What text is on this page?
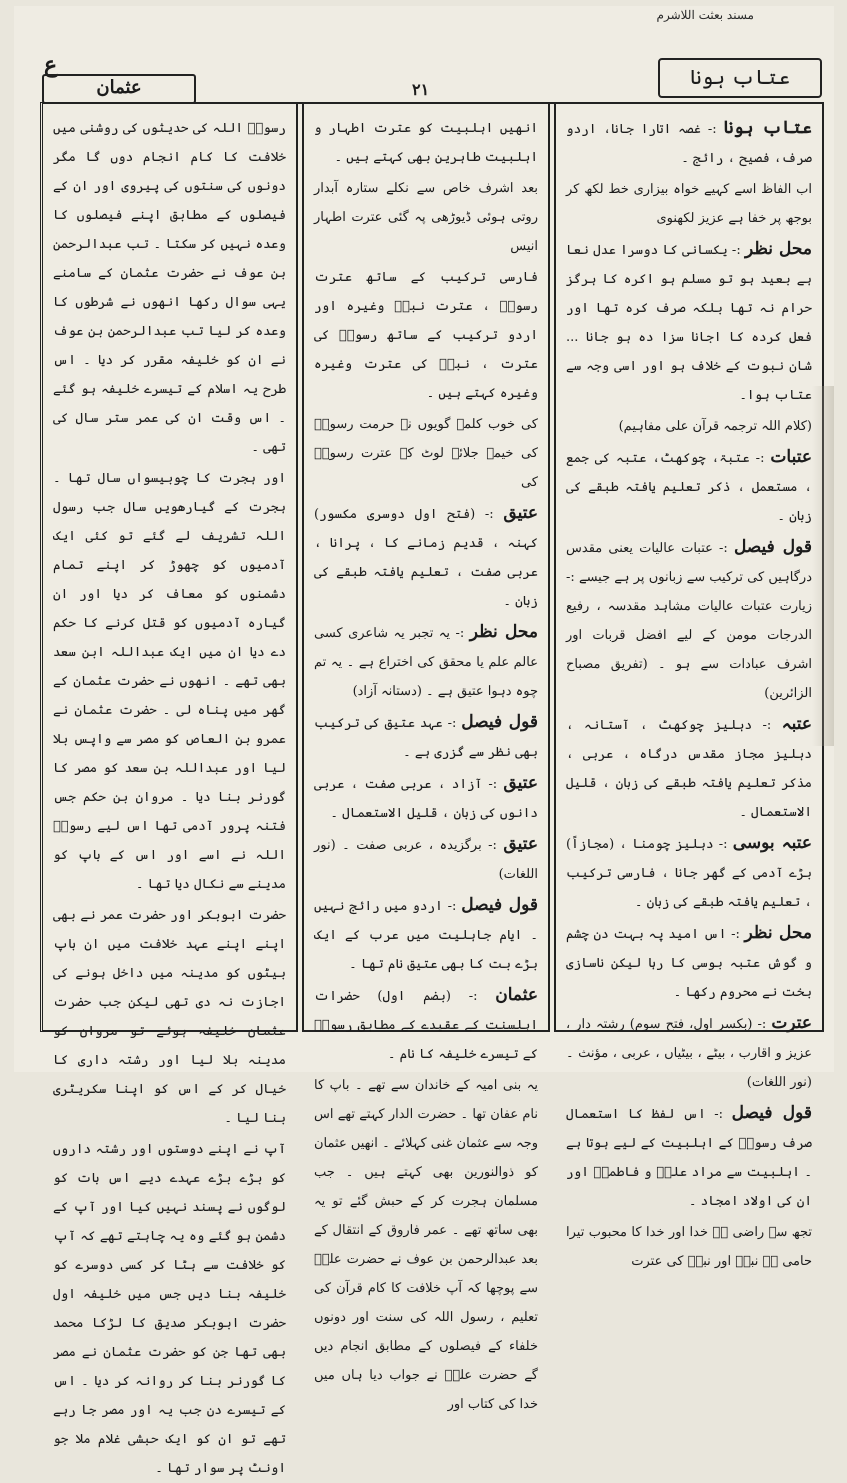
مسند بعثت اللاشرم
عتاب ہونا
۲۱
ع
عثمان

عتاب ہونا :- غصہ اتارا جانا، اردو صرف، فصیح ، رائج ۔

اب الفاظ اسے کہیے خواہ بیزاری خط لکھ کر بوجھ پر خفا ہے عزیز لکھنوی

محل نظر :- یکسانی کا دوسرا عدل نعا ہے بعید ہو تو مسلم ہو اکرہ کا ہرگز حرام نہ تھا بلکہ صرف کرہ تھا اور فعل کردہ کا اجانا سزا دہ ہو جانا ... شان نبوت کے خلاف ہو اور اسی وجہ سے عتاب ہوا۔

(کلام اللہ ترجمہ قرآن علی مفاہیم)

عتبات :- عتبۃ، چوکھٹ، عتبہ کی جمع ، مستعمل ، ذکر تعلیم یافتہ طبقے کی زبان ۔

قول فیصل :- عتبات عالیات یعنی مقدس درگاہیں کی ترکیب سے زبانوں پر ہے جیسے :- زیارت عتبات عالیات مشاہد مقدسہ ، رفیع الدرجات مومن کے لیے افضل قربات اور اشرف عبادات سے ہو ۔ (تفریق مصباح الزائرین)

عتبہ :- دہلیز چوکھٹ ، آستانہ ، دہلیز مجاز مقدس درگاہ ، عربی ، مذکر تعلیم یافتہ طبقے کی زبان ، قلیل الاستعمال ۔

عتبہ بوسی :- دہلیز چومنا ، (مجازاً) بڑے آدمی کے گھر جانا ، فارسی ترکیب ، تعلیم یافتہ طبقے کی زبان ۔

محل نظر :- اس امید پہ بہت دن چشم و گوش عتبہ بوسی کا رہا لیکن ناسازی بخت نے محروم رکھا ۔

عترت :- (بکسر اول، فتح سوم) رشتہ دار ، عزیز و اقارب ، بیٹے ، بیٹیاں ، عربی ، مؤنث ۔ (نور اللغات)

قول فیصل :- اس لفظ کا استعمال صرف رسولؐ کے اہلبیت کے لیے ہوتا ہے ۔ اہلبیت سے مراد علیؑ و فاطمہؑ اور ان کی اولاد امجاد ۔

تجھ سے راضی ہے خدا اور خدا کا محبوب تیرا حامی ہے نبیؐ اور نبیؐ کی عترت

انھیں اہلبیت کو عترت اطہار و اہلبیت طاہرین بھی کہتے ہیں ۔

بعد اشرف خاص سے نکلے ستارہ آبدار روتی ہوئی ڈیوڑھی پہ گئی عترت اطہار انیس

فارسی ترکیب کے ساتھ عترت رسولؐ ، عترت نبیؐ وغیرہ اور اردو ترکیب کے ساتھ رسولؐ کی عترت ، نبیؐ کی عترت وغیرہ وغیرہ کہتے ہیں ۔

کی خوب کلمہ گویوں نے حرمت رسولؐ کی خیمے جلائے لوٹ کے عترت رسولؐ کی

عتیق :- (فتح اول دوسری مکسور) کہنہ ، قدیم زمانے کا ، پرانا ، عربی صفت ، تعلیم یافتہ طبقے کی زبان ۔

محل نظر :- یہ تجبر یہ شاعری کسی عالم علم یا محقق کی اختراع ہے ۔ یہ تم چوہ دہوا عتیق ہے ۔ (دستانہ آزاد)

قول فیصل :- عہد عتیق کی ترکیب بھی نظر سے گزری ہے ۔

عتیق :- آزاد ، عربی صفت ، عربی دانوں کی زبان ، قلیل الاستعمال ۔

عتیق :- برگزیدہ ، عربی صفت ۔ (نور اللغات)

قول فیصل :- اردو میں رائج نہیں ۔ ایام جاہلیت میں عرب کے ایک بڑے بت کا بھی عتیق نام تھا ۔

عثمان :- (بضم اول) حضرات اہلسنت کے عقیدے کے مطابق رسولؐ کے تیسرے خلیفہ کا نام ۔

یہ بنی امیہ کے خاندان سے تھے ۔ باپ کا نام عفان تھا ۔ حضرت الدار کہتے تھے اس وجہ سے عثمان غنی کہلائے ۔ انھیں عثمان کو ذوالنورین بھی کہتے ہیں ۔ جب مسلمان ہجرت کر کے حبش گئے تو یہ بھی ساتھ تھے ۔ عمر فاروق کے انتقال کے بعد عبدالرحمن بن عوف نے حضرت علیؑ سے پوچھا کہ آپ خلافت کا کام قرآن کی تعلیم ، رسول اللہ کی سنت اور دونوں خلفاء کے فیصلوں کے مطابق انجام دیں گے حضرت علیؑ نے جواب دیا ہاں میں خدا کی کتاب اور

رسولؐ اللہ کی حدیثوں کی روشنی میں خلافت کا کام انجام دوں گا مگر دونوں کی سنتوں کی پیروی اور ان کے فیصلوں کے مطابق اپنے فیصلوں کا وعدہ نہیں کر سکتا ۔ تب عبدالرحمن بن عوف نے حضرت عثمان کے سامنے یہی سوال رکھا انھوں نے شرطوں کا وعدہ کر لیا تب عبدالرحمن بن عوف نے ان کو خلیفہ مقرر کر دیا ۔ اس طرح یہ اسلام کے تیسرے خلیفہ ہو گئے ۔ اس وقت ان کی عمر ستر سال کی تھی ۔

اور ہجرت کا چوبیسواں سال تھا ۔ ہجرت کے گیارھویں سال جب رسول اللہ تشریف لے گئے تو کئی ایک آدمیوں کو چھوڑ کر اپنے تمام دشمنوں کو معاف کر دیا اور ان گیارہ آدمیوں کو قتل کرنے کا حکم دے دیا ان میں ایک عبداللہ ابن سعد بھی تھے ۔ انھوں نے حضرت عثمان کے گھر میں پناہ لی ۔ حضرت عثمان نے عمرو بن العاص کو مصر سے واپس بلا لیا اور عبداللہ بن سعد کو مصر کا گورنر بنا دیا ۔ مروان بن حکم جس فتنہ پرور آدمی تھا اس لیے رسولؐ اللہ نے اسے اور اس کے باپ کو مدینے سے نکال دیا تھا ۔

حضرت ابوبکر اور حضرت عمر نے بھی اپنے اپنے عہد خلافت میں ان باپ بیٹوں کو مدینہ میں داخل ہونے کی اجازت نہ دی تھی لیکن جب حضرت عثمان خلیفہ ہوئے تو مروان کو مدینہ بلا لیا اور رشتہ داری کا خیال کر کے اس کو اپنا سکریٹری بنا لیا ۔

آپ نے اپنے دوستوں اور رشتہ داروں کو بڑے بڑے عہدے دیے اس بات کو لوگوں نے پسند نہیں کیا اور آپ کے دشمن ہو گئے وہ یہ چاہتے تھے کہ آپ کو خلافت سے ہٹا کر کسی دوسرے کو خلیفہ بنا دیں جس میں خلیفہ اول حضرت ابوبکر صدیق کا لڑکا محمد بھی تھا جن کو حضرت عثمان نے مصر کا گورنر بنا کر روانہ کر دیا ۔ اس کے تیسرے دن جب یہ اور مصر جا رہے تھے تو ان کو ایک حبشی غلام ملا جو اونٹ پر سوار تھا ۔
